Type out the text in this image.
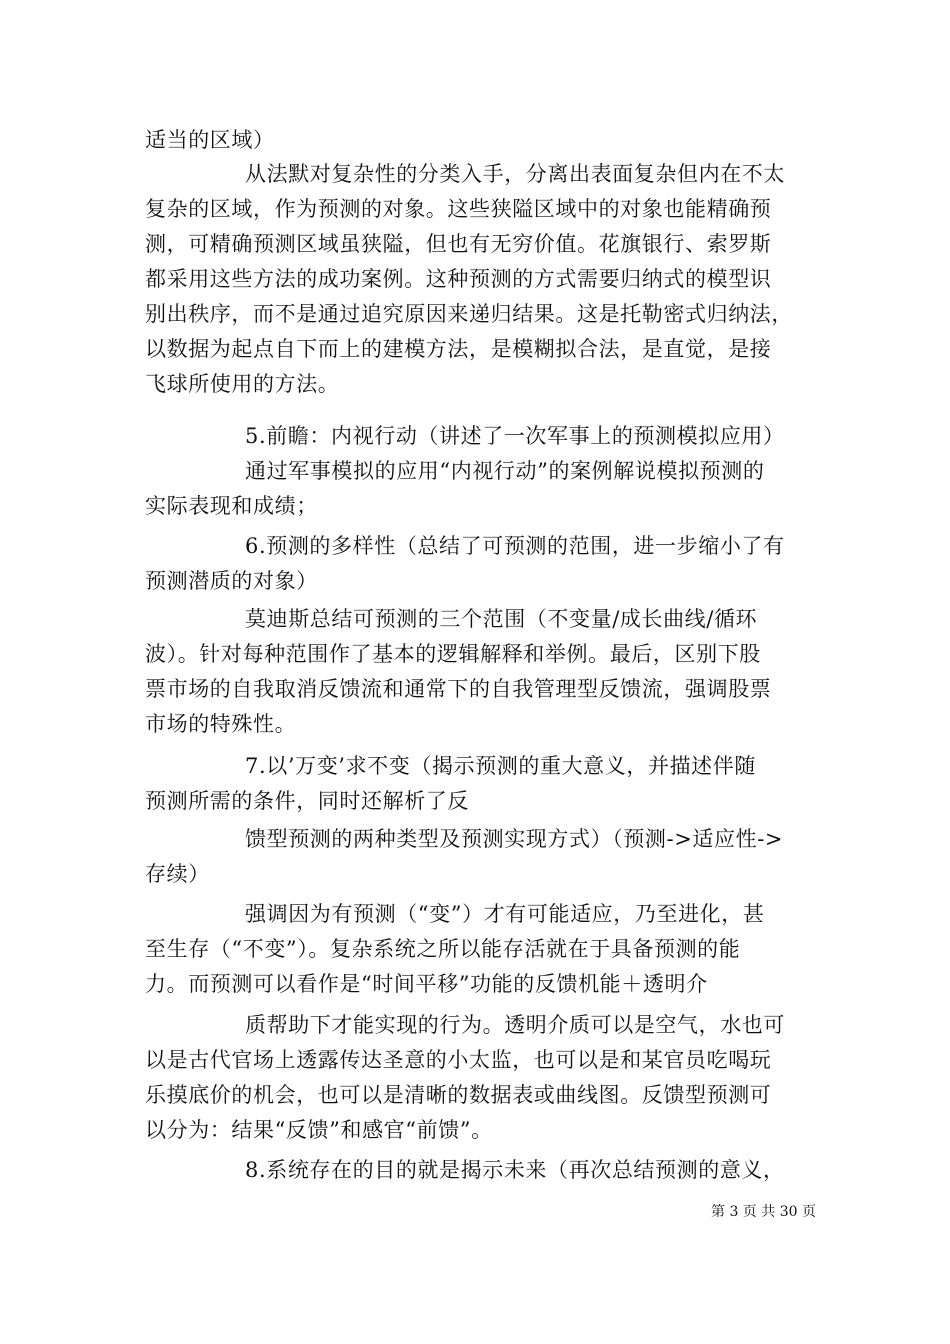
适当的区域）

从法默对复杂性的分类入手，分离出表面复杂但内在不太

复杂的区域，作为预测的对象。这些狭隘区域中的对象也能精确预

测，可精确预测区域虽狭隘，但也有无穷价值。花旗银行、索罗斯

都采用这些方法的成功案例。这种预测的方式需要归纳式的模型识

别出秩序，而不是通过追究原因来递归结果。这是托勒密式归纳法，

以数据为起点自下而上的建模方法，是模糊拟合法，是直觉，是接

飞球所使用的方法。

5.前瞻：内视行动（讲述了一次军事上的预测模拟应用）

通过军事模拟的应用“内视行动”的案例解说模拟预测的

实际表现和成绩；

6.预测的多样性（总结了可预测的范围，进一步缩小了有

预测潜质的对象）

莫迪斯总结可预测的三个范围（不变量/成长曲线/循环

波）。针对每种范围作了基本的逻辑解释和举例。最后，区别下股

票市场的自我取消反馈流和通常下的自我管理型反馈流，强调股票

市场的特殊性。

7.以’万变’求不变（揭示预测的重大意义，并描述伴随

预测所需的条件，同时还解析了反

馈型预测的两种类型及预测实现方式）（预测->适应性->

存续）

强调因为有预测（“变”）才有可能适应，乃至进化，甚

至生存（“不变”）。复杂系统之所以能存活就在于具备预测的能

力。而预测可以看作是“时间平移”功能的反馈机能＋透明介

质帮助下才能实现的行为。透明介质可以是空气，水也可

以是古代官场上透露传达圣意的小太监，也可以是和某官员吃喝玩

乐摸底价的机会，也可以是清晰的数据表或曲线图。反馈型预测可

以分为：结果“反馈”和感官“前馈”。

8.系统存在的目的就是揭示未来（再次总结预测的意义，

第 3 页 共 30 页
